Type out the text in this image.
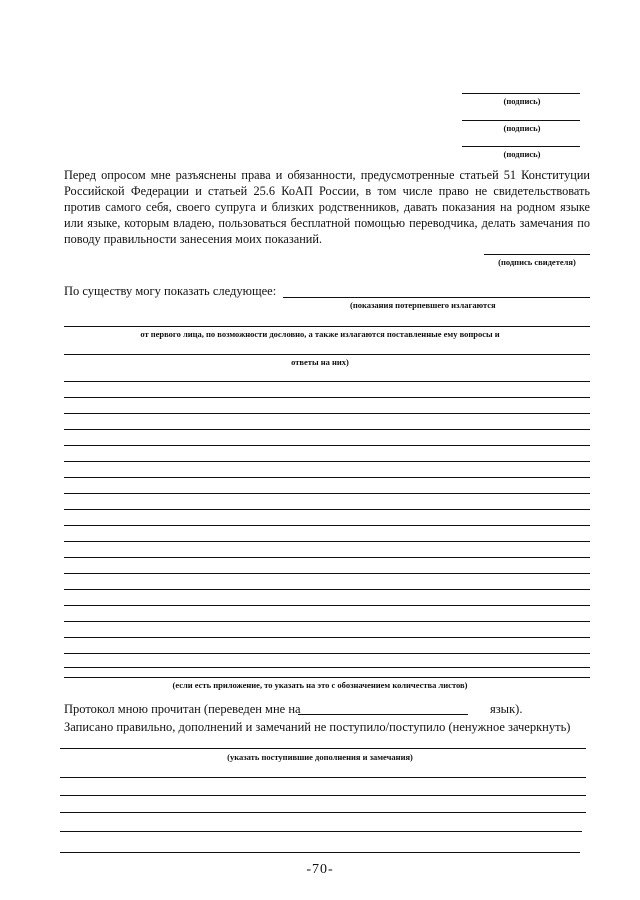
(подпись)
(подпись)
(подпись)
Перед опросом мне разъяснены права и обязанности, предусмотренные статьей 51 Конституции Российской Федерации и статьей 25.6 КоАП России, в том числе право не свидетельствовать против самого себя, своего супруга и близких родственников, давать показания на родном языке или языке, которым владею, пользоваться бесплатной помощью переводчика, делать замечания по поводу правильности занесения моих показаний.
(подпись свидетеля)
По существу могу показать следующее:
(показания потерпевшего излагаются
от первого лица, по возможности дословно, а также излагаются поставленные ему вопросы и
ответы на них)
(если есть приложение, то указать на это с обозначением количества листов)
Протокол мною прочитан (переведен мне на	язык).
Записано правильно, дополнений и замечаний не поступило/поступило (ненужное зачеркнуть)
(указать поступившие дополнения и замечания)
-70-
